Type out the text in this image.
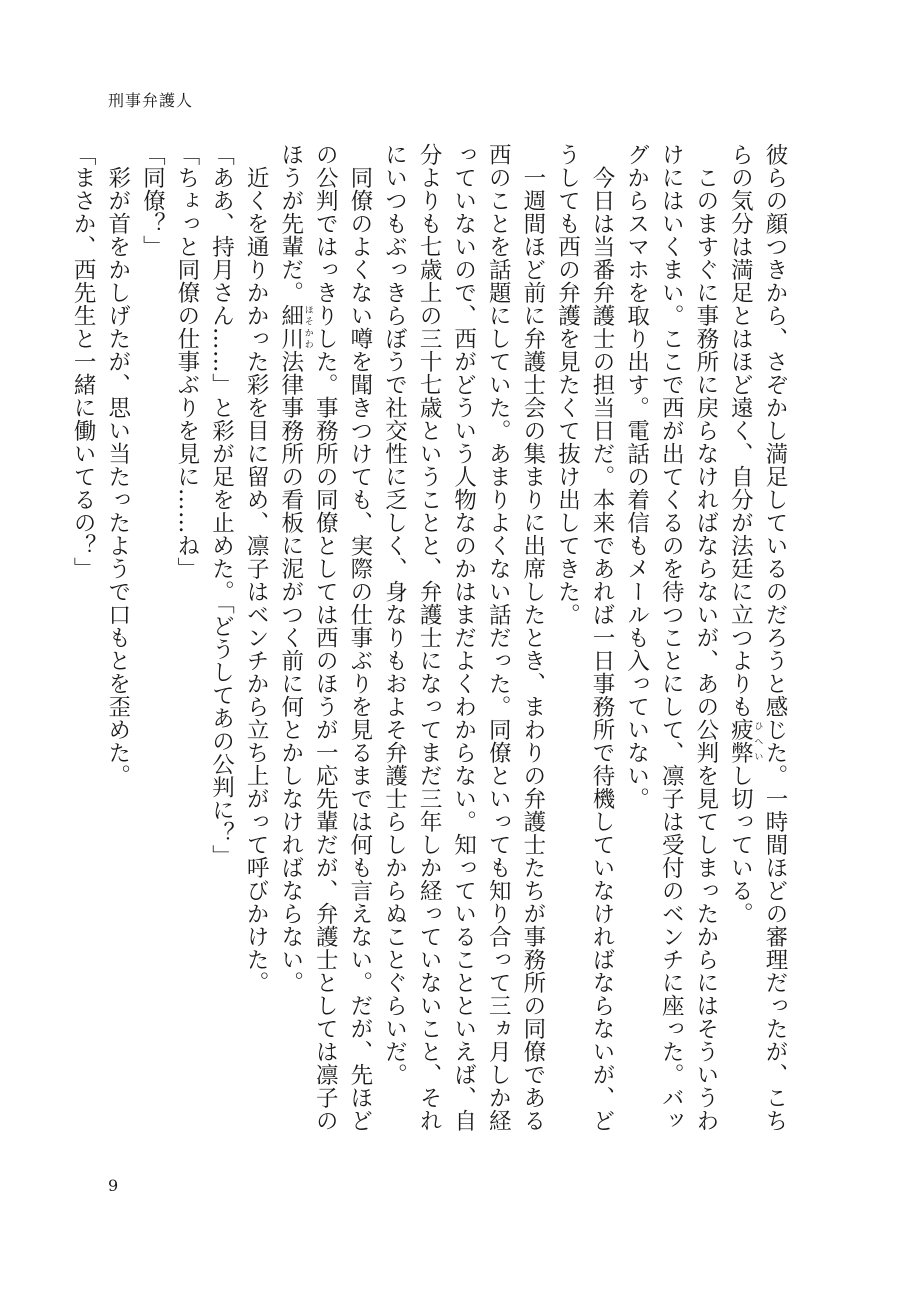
刑事弁護人

彼らの顔つきから、さぞかし満足しているのだろうと感じた。一時間ほどの審理だったが、こちらの気分は満足とはほど遠く、自分が法廷に立つよりも疲弊 ひへいし切っている。

　このますぐに事務所に戻らなければならないが、あの公判を見てしまったからにはそういうわけにはいくまい。ここで西が出てくるのを待つことにして、凛子は受付のベンチに座った。バッグからスマホを取り出す。電話の着信もメールも入っていない。

　今日は当番弁護士の担当日だ。本来であれば一日事務所で待機していなければならないが、どうしても西の弁護を見たくて抜け出してきた。

　一週間ほど前に弁護士会の集まりに出席したとき、まわりの弁護士たちが事務所の同僚である西のことを話題にしていた。あまりよくない話だった。同僚といっても知り合って三ヵ月しか経っていないので、西がどういう人物なのかはまだよくわからない。知っていることといえば、自分よりも七歳上の三十七歳ということと、弁護士になってまだ三年しか経っていないこと、それにいつもぶっきらぼうで社交性に乏しく、身なりもおよそ弁護士らしからぬことぐらいだ。

　同僚のよくない噂を聞きつけても、実際の仕事ぶりを見るまでは何も言えない。だが、先ほどの公判ではっきりした。事務所の同僚としては西のほうが一応先輩だが、弁護士としては凛子のほうが先輩だ。細川 ほそかわ法律事務所の看板に泥がつく前に何とかしなければならない。

　近くを通りかかった彩を目に留め、凛子はベンチから立ち上がって呼びかけた。

「ああ、持月さん……」と彩が足を止めた。「どうしてあの公判に？」

「ちょっと同僚の仕事ぶりを見に……ね」

「同僚？」

　彩が首をかしげたが、思い当たったようで口もとを歪めた。

「まさか、西先生と一緒に働いてるの？」

9
